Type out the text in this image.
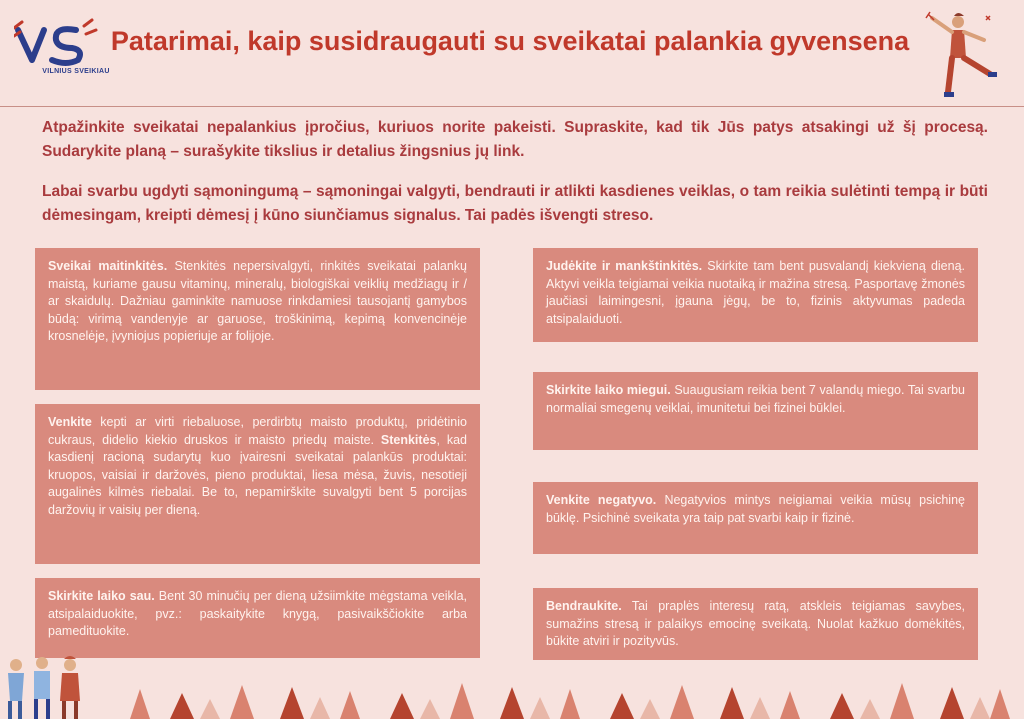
VILNIUS SVEIKIAU
Patarimai, kaip susidraugauti su sveikatai palankia gyvensena

Atpažinkite sveikatai nepalankius įpročius, kuriuos norite pakeisti. Supraskite, kad tik Jūs patys atsakingi už šį procesą. Sudarykite planą – surašykite tikslius ir detalius žingsnius jų link.

Labai svarbu ugdyti sąmoningumą – sąmoningai valgyti, bendrauti ir atlikti kasdienes veiklas, o tam reikia sulėtinti tempą ir būti dėmesingam, kreipti dėmesį į kūno siunčiamus signalus. Tai padės išvengti streso.

Sveikai maitinkitės. Stenkitės nepersivalgyti, rinkitės sveikatai palankų maistą, kuriame gausu vitaminų, mineralų, biologiškai veiklių medžiagų ir / ar skaidulų. Dažniau gaminkite namuose rinkdamiesi tausojantį gamybos būdą: virimą vandenyje ar garuose, troškinimą, kepimą konvencinėje krosnelėje, įvyniojus popieriuje ar folijoje.
Venkite kepti ar virti riebaluose, perdirbtų maisto produktų, pridėtinio cukraus, didelio kiekio druskos ir maisto priedų maiste. Stenkitės, kad kasdienį racioną sudarytų kuo įvairesni sveikatai palankūs produktai: kruopos, vaisiai ir daržovės, pieno produktai, liesa mėsa, žuvis, nesotieji augalinės kilmės riebalai. Be to, nepamirškite suvalgyti bent 5 porcijas daržovių ir vaisių per dieną.
Skirkite laiko sau. Bent 30 minučių per dieną užsiimkite mėgstama veikla, atsipalaiduokite, pvz.: paskaitykite knygą, pasivaikščiokite arba pamedituokite.
Judėkite ir mankštinkitės. Skirkite tam bent pusvalandį kiekvieną dieną. Aktyvi veikla teigiamai veikia nuotaiką ir mažina stresą. Pasportavę žmonės jaučiasi laimingesni, įgauna jėgų, be to, fizinis aktyvumas padeda atsipalaiduoti.
Skirkite laiko miegui. Suaugusiam reikia bent 7 valandų miego. Tai svarbu normaliai smegenų veiklai, imunitetui bei fizinei būklei.
Venkite negatyvo. Negatyvios mintys neigiamai veikia mūsų psichinę būklę. Psichinė sveikata yra taip pat svarbi kaip ir fizinė.
Bendraukite. Tai praplės interesų ratą, atskleis teigiamas savybes, sumažins stresą ir palaikys emocinę sveikatą. Nuolat kažkuo domėkitės, būkite atviri ir pozityvūs.
